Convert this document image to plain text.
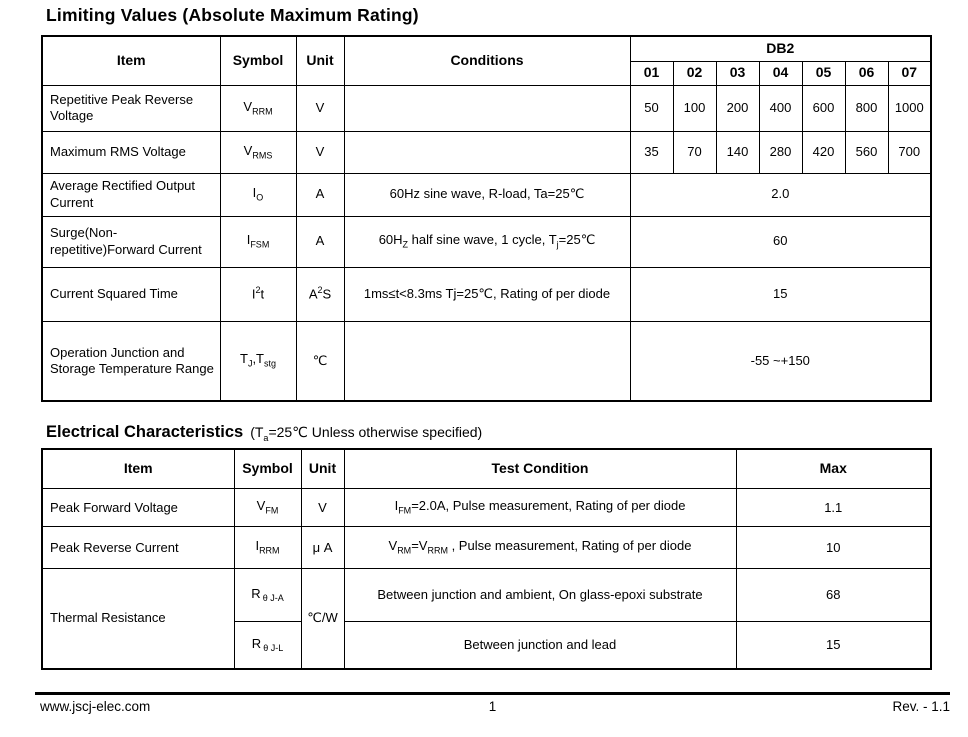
Limiting Values (Absolute Maximum Rating)
Item	Symbol	Unit	Conditions	DB2						
				01	02	03	04	05	06	07
Repetitive Peak Reverse Voltage	$V_{RRM}$	V		50	100	200	400	600	800	1000
Maximum RMS Voltage	$V_{RMS}$	V		35	70	140	280	420	560	700
Average Rectified Output Current	$I_O$	A	60Hz sine wave, R-load, Ta=25℃	2.0						
Surge(Non-repetitive)Forward Current	$I_{FSM}$	A	$60H_Z$ half sine wave, 1 cycle, $T_j=25℃$	60						
Current Squared Time	$I^2t$	$A^2S$	1ms≤t<8.3ms Tj=25℃, Rating of per diode	15						
Operation Junction and Storage Temperature Range	$T_J,T_{stg}$	℃		-55 ~+150						
Electrical Characteristics ($T_a=25℃$ Unless otherwise specified)
Item	Symbol	Unit	Test Condition	Max
Peak Forward Voltage	$V_{FM}$	V	$I_{FM}=2.0A$, Pulse measurement, Rating of per diode	1.1
Peak Reverse Current	$I_{RRM}$	μ A	$V_{RM}=V_{RRM}$ , Pulse measurement, Rating of per diode	10
Thermal Resistance	R $_{\theta J-A}$	℃/W	Between junction and ambient, On glass-epoxi substrate	68
	R $_{\theta J-L}$		Between junction and lead	15
www.jscj-elec.com	1	Rev. - 1.1
